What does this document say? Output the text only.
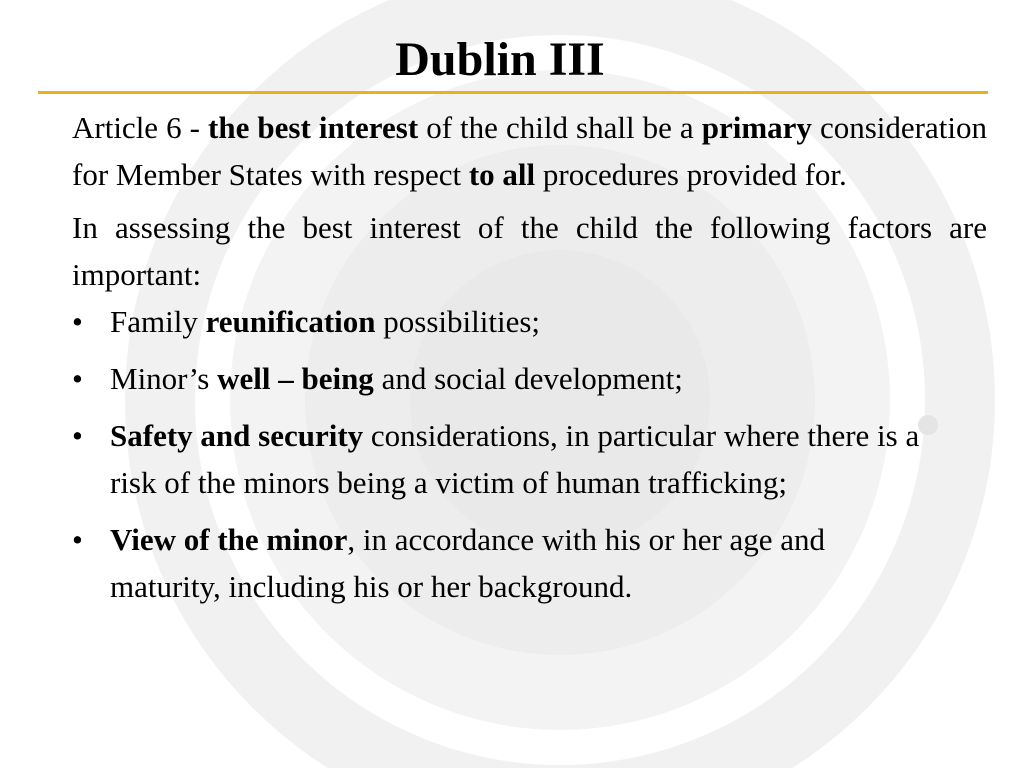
Dublin III

Article 6 - the best interest of the child shall be a primary consideration for Member States with respect to all procedures provided for.

In assessing the best interest of the child the following factors are important:

• Family reunification possibilities;
• Minor’s well – being and social development;
• Safety and security considerations, in particular where there is a risk of the minors being a victim of human trafficking;
• View of the minor, in accordance with his or her age and maturity, including his or her background.
